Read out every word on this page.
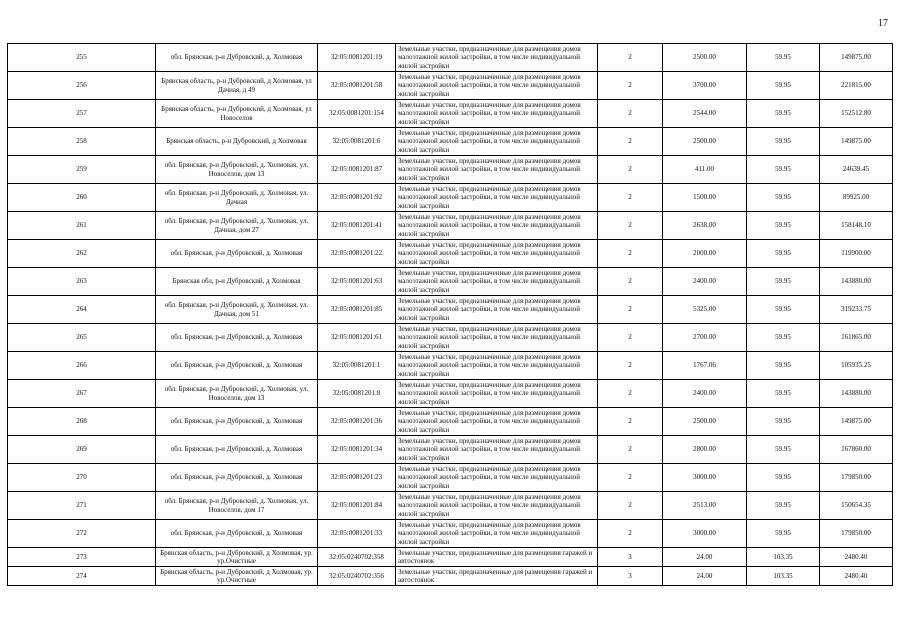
17
255	обл. Брянская, р-н Дубровский, д. Холмовая	32:05:0081201:19	Земельные участки, предназначенные для размещения домов малоэтажной жилой застройки, в том числе индивидуальной жилой застройки	2	2500.00	59.95	149875.00
256	Брянская область, р-н Дубровский, д Холмовая, ул Дачная, д 49	32:05:0081201:58	Земельные участки, предназначенные для размещения домов малоэтажной жилой застройки, в том числе индивидуальной жилой застройки	2	3700.00	59.95	221815.00
257	Брянская область, р-н Дубровский, д Холмовая, ул Новоселов	32:05:0081201:154	Земельные участки, предназначенные для размещения домов малоэтажной жилой застройки, в том числе индивидуальной жилой застройки	2	2544.00	59.95	152512.80
258	Брянская область, р-н Дубровский, д Холмовая	32:05:0081201:6	Земельные участки, предназначенные для размещения домов малоэтажной жилой застройки, в том числе индивидуальной жилой застройки	2	2500.00	59.95	149875.00
259	обл. Брянская, р-н Дубровский, д. Холмовая, ул. Новоселов, дом 13	32:05:0081201:87	Земельные участки, предназначенные для размещения домов малоэтажной жилой застройки, в том числе индивидуальной жилой застройки	2	411.00	59.95	24639.45
260	обл. Брянская, р-н Дубровский, д. Холмовая, ул. Дачная	32:05:0081201:92	Земельные участки, предназначенные для размещения домов малоэтажной жилой застройки, в том числе индивидуальной жилой застройки	2	1500.00	59.95	89925.00
261	обл. Брянская, р-н Дубровский, д. Холмовая, ул. Дачная, дом 27	32:05:0081201:41	Земельные участки, предназначенные для размещения домов малоэтажной жилой застройки, в том числе индивидуальной жилой застройки	2	2638.00	59.95	158148.10
262	обл. Брянская, р-н Дубровский, д. Холмовая	32:05:0081201:22	Земельные участки, предназначенные для размещения домов малоэтажной жилой застройки, в том числе индивидуальной жилой застройки	2	2000.00	59.95	119900.00
263	Брянская обл, р-н Дубровский, д Холмовая	32:05:0081201:63	Земельные участки, предназначенные для размещения домов малоэтажной жилой застройки, в том числе индивидуальной жилой застройки	2	2400.00	59.95	143880.00
264	обл. Брянская, р-н Дубровский, д. Холмовая, ул. Дачная, дом 51	32:05:0081201:85	Земельные участки, предназначенные для размещения домов малоэтажной жилой застройки, в том числе индивидуальной жилой застройки	2	5325.00	59.95	319233.75
265	обл. Брянская, р-н Дубровский, д. Холмовая	32:05:0081201:61	Земельные участки, предназначенные для размещения домов малоэтажной жилой застройки, в том числе индивидуальной жилой застройки	2	2700.00	59.95	161865.00
266	обл. Брянская, р-н Дубровский, д. Холмовая	32:05:0081201:1	Земельные участки, предназначенные для размещения домов малоэтажной жилой застройки, в том числе индивидуальной жилой застройки	2	1767.06	59.95	105935.25
267	обл. Брянская, р-н Дубровский, д. Холмовая, ул. Новоселов, дом 13	32:05:0081201:8	Земельные участки, предназначенные для размещения домов малоэтажной жилой застройки, в том числе индивидуальной жилой застройки	2	2400.00	59.95	143880.00
268	обл. Брянская, р-н Дубровский, д. Холмовая	32:05:0081201:36	Земельные участки, предназначенные для размещения домов малоэтажной жилой застройки, в том числе индивидуальной жилой застройки	2	2500.00	59.95	149875.00
269	обл. Брянская, р-н Дубровский, д. Холмовая	32:05:0081201:34	Земельные участки, предназначенные для размещения домов малоэтажной жилой застройки, в том числе индивидуальной жилой застройки	2	2800.00	59.95	167860.00
270	обл. Брянская, р-н Дубровский, д. Холмовая	32:05:0081201:23	Земельные участки, предназначенные для размещения домов малоэтажной жилой застройки, в том числе индивидуальной жилой застройки	2	3000.00	59.95	179850.00
271	обл. Брянская, р-н Дубровский, д. Холмовая, ул. Новоселов, дом 17	32:05:0081201:84	Земельные участки, предназначенные для размещения домов малоэтажной жилой застройки, в том числе индивидуальной жилой застройки	2	2513.00	59.95	150654.35
272	обл. Брянская, р-н Дубровский, д. Холмовая	32:05:0081201:33	Земельные участки, предназначенные для размещения домов малоэтажной жилой застройки, в том числе индивидуальной жилой застройки	2	3000.00	59.95	179850.00
273	Брянская область, р-н Дубровский, д Холмовая, ур. ур.Очистные	32:05:0240702:358	Земельные участки, предназначенные для размещения гаражей и автостоянок	3	24.00	103.35	2480.40
274	Брянская область, р-н Дубровский, д Холмовая, ур. ур.Очистные	32:05:0240702:356	Земельные участки, предназначенные для размещения гаражей и автостоянок	3	24.00	103.35	2480.40
